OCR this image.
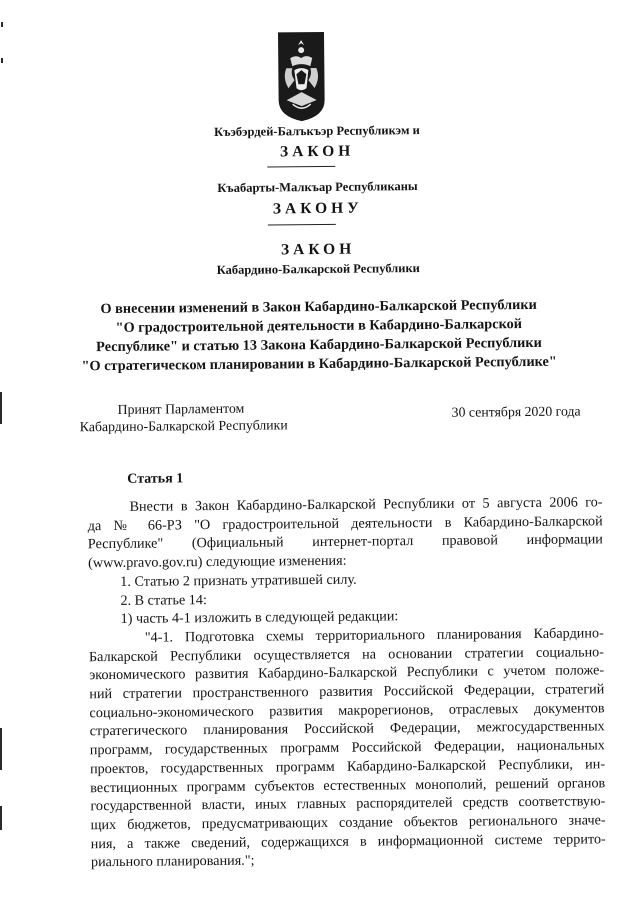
Къэбэрдей-Балъкъэр Республикэм и
ЗАКОН
Къабарты-Малкъар Республиканы
ЗАКОНУ
ЗАКОН
Кабардино-Балкарской Республики
О внесении изменений в Закон Кабардино-Балкарской Республики
"О градостроительной деятельности в Кабардино-Балкарской
Республике" и статью 13 Закона Кабардино-Балкарской Республики
"О стратегическом планировании в Кабардино-Балкарской Республике"
Принят Парламентом
Кабардино-Балкарской Республики
30 сентября 2020 года
Статья 1

Внести в Закон Кабардино-Балкарской Республики от 5 августа 2006 го-

да № 66-РЗ "О градостроительной деятельности в Кабардино-Балкарской

Республике" (Официальный интернет-портал правовой информации

(www.pravo.gov.ru) следующие изменения:

1. Статью 2 признать утратившей силу.

2. В статье 14:

1) часть 4-1 изложить в следующей редакции:

"4-1. Подготовка схемы территориального планирования Кабардино-

Балкарской Республики осуществляется на основании стратегии социально-

экономического развития Кабардино-Балкарской Республики с учетом положе-

ний стратегии пространственного развития Российской Федерации, стратегий

социально-экономического развития макрорегионов, отраслевых документов

стратегического планирования Российской Федерации, межгосударственных

программ, государственных программ Российской Федерации, национальных

проектов, государственных программ Кабардино-Балкарской Республики, ин-

вестиционных программ субъектов естественных монополий, решений органов

государственной власти, иных главных распорядителей средств соответствую-

щих бюджетов, предусматривающих создание объектов регионального значе-

ния, а также сведений, содержащихся в информационной системе террито-

риального планирования.";
